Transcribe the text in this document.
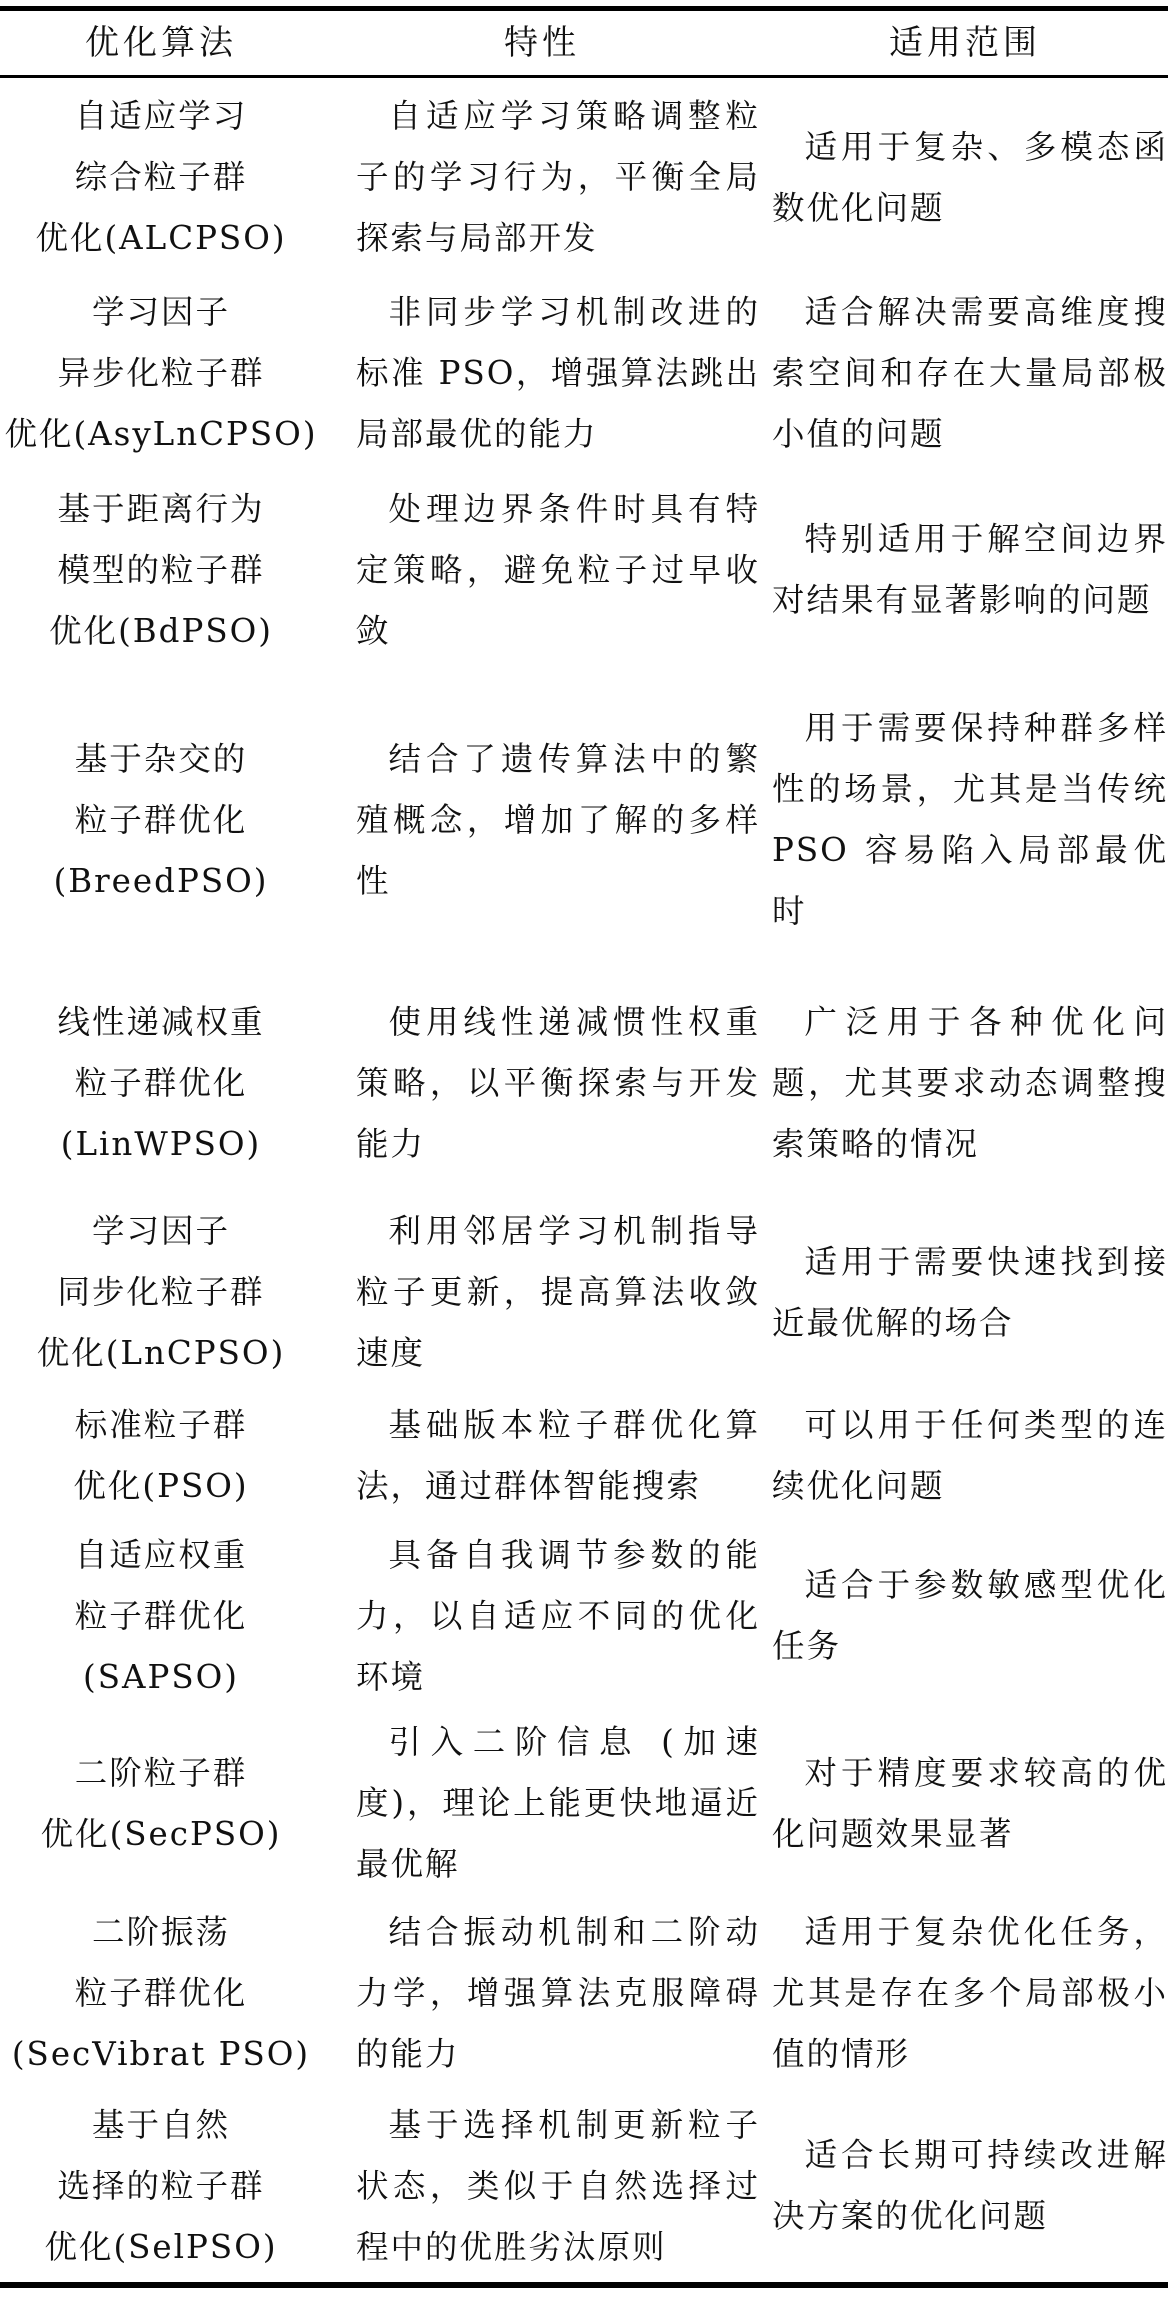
优化算法	特性	适用范围
自适应学习
综合粒子群
优化(ALCPSO)
自适应学习策略调整粒子的学习行为，平衡全局探索与局部开发
适用于复杂、多模态函数优化问题
学习因子
异步化粒子群
优化(AsyLnCPSO)
非同步学习机制改进的标准 PSO，增强算法跳出局部最优的能力
适合解决需要高维度搜索空间和存在大量局部极小值的问题
基于距离行为
模型的粒子群
优化(BdPSO)
处理边界条件时具有特定策略，避免粒子过早收敛
特别适用于解空间边界对结果有显著影响的问题
基于杂交的
粒子群优化
(BreedPSO)
结合了遗传算法中的繁殖概念，增加了解的多样性
用于需要保持种群多样性的场景，尤其是当传统 PSO 容易陷入局部最优时
线性递减权重
粒子群优化
(LinWPSO)
使用线性递减惯性权重策略，以平衡探索与开发能力
广泛用于各种优化问题，尤其要求动态调整搜索策略的情况
学习因子
同步化粒子群
优化(LnCPSO)
利用邻居学习机制指导粒子更新，提高算法收敛速度
适用于需要快速找到接近最优解的场合
标准粒子群
优化(PSO)
基础版本粒子群优化算法，通过群体智能搜索
可以用于任何类型的连续优化问题
自适应权重
粒子群优化
(SAPSO)
具备自我调节参数的能力，以自适应不同的优化环境
适合于参数敏感型优化任务
二阶粒子群
优化(SecPSO)
引入二阶信息 (加速度)，理论上能更快地逼近最优解
对于精度要求较高的优化问题效果显著
二阶振荡
粒子群优化
(SecVibrat PSO)
结合振动机制和二阶动力学，增强算法克服障碍的能力
适用于复杂优化任务，尤其是存在多个局部极小值的情形
基于自然
选择的粒子群
优化(SelPSO)
基于选择机制更新粒子状态，类似于自然选择过程中的优胜劣汰原则
适合长期可持续改进解决方案的优化问题
